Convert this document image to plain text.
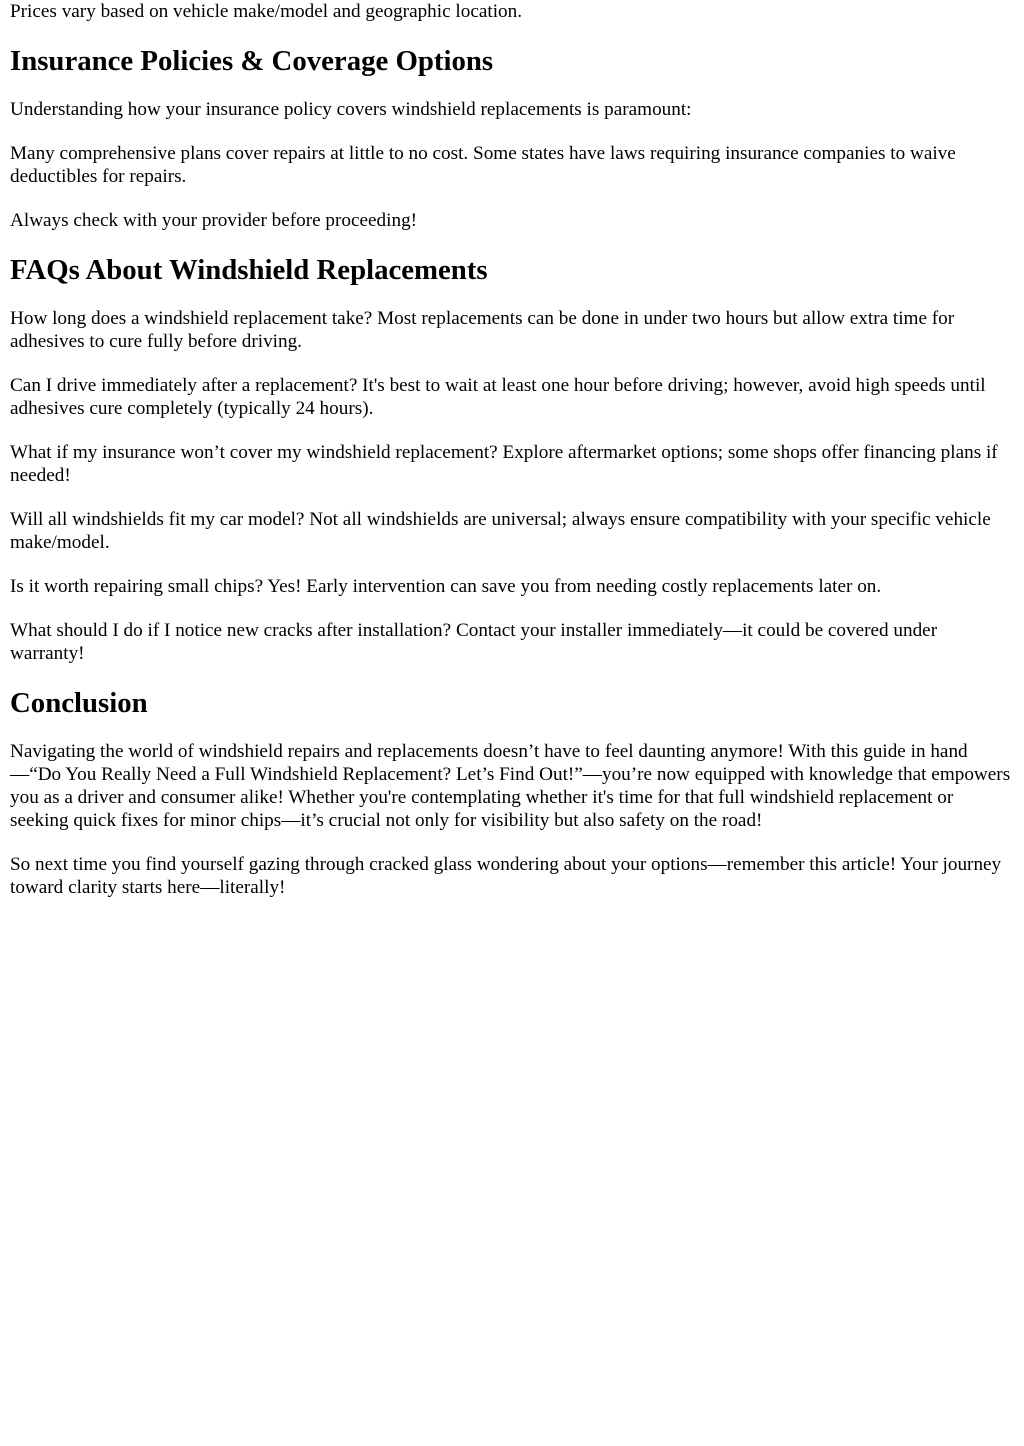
Prices vary based on vehicle make/model and geographic location.

Insurance Policies & Coverage Options

Understanding how your insurance policy covers windshield replacements is paramount:

Many comprehensive plans cover repairs at little to no cost. Some states have laws requiring insurance companies to waive deductibles for repairs.

Always check with your provider before proceeding!

FAQs About Windshield Replacements

How long does a windshield replacement take? Most replacements can be done in under two hours but allow extra time for adhesives to cure fully before driving.

Can I drive immediately after a replacement? It's best to wait at least one hour before driving; however, avoid high speeds until adhesives cure completely (typically 24 hours).

What if my insurance won’t cover my windshield replacement? Explore aftermarket options; some shops offer financing plans if needed!

Will all windshields fit my car model? Not all windshields are universal; always ensure compatibility with your specific vehicle make/model.

Is it worth repairing small chips? Yes! Early intervention can save you from needing costly replacements later on.

What should I do if I notice new cracks after installation? Contact your installer immediately—it could be covered under warranty!

Conclusion

Navigating the world of windshield repairs and replacements doesn’t have to feel daunting anymore! With this guide in hand—“Do You Really Need a Full Windshield Replacement? Let’s Find Out!”—you’re now equipped with knowledge that empowers you as a driver and consumer alike! Whether you're contemplating whether it's time for that full windshield replacement or seeking quick fixes for minor chips—it’s crucial not only for visibility but also safety on the road!

So next time you find yourself gazing through cracked glass wondering about your options—remember this article! Your journey toward clarity starts here—literally!
